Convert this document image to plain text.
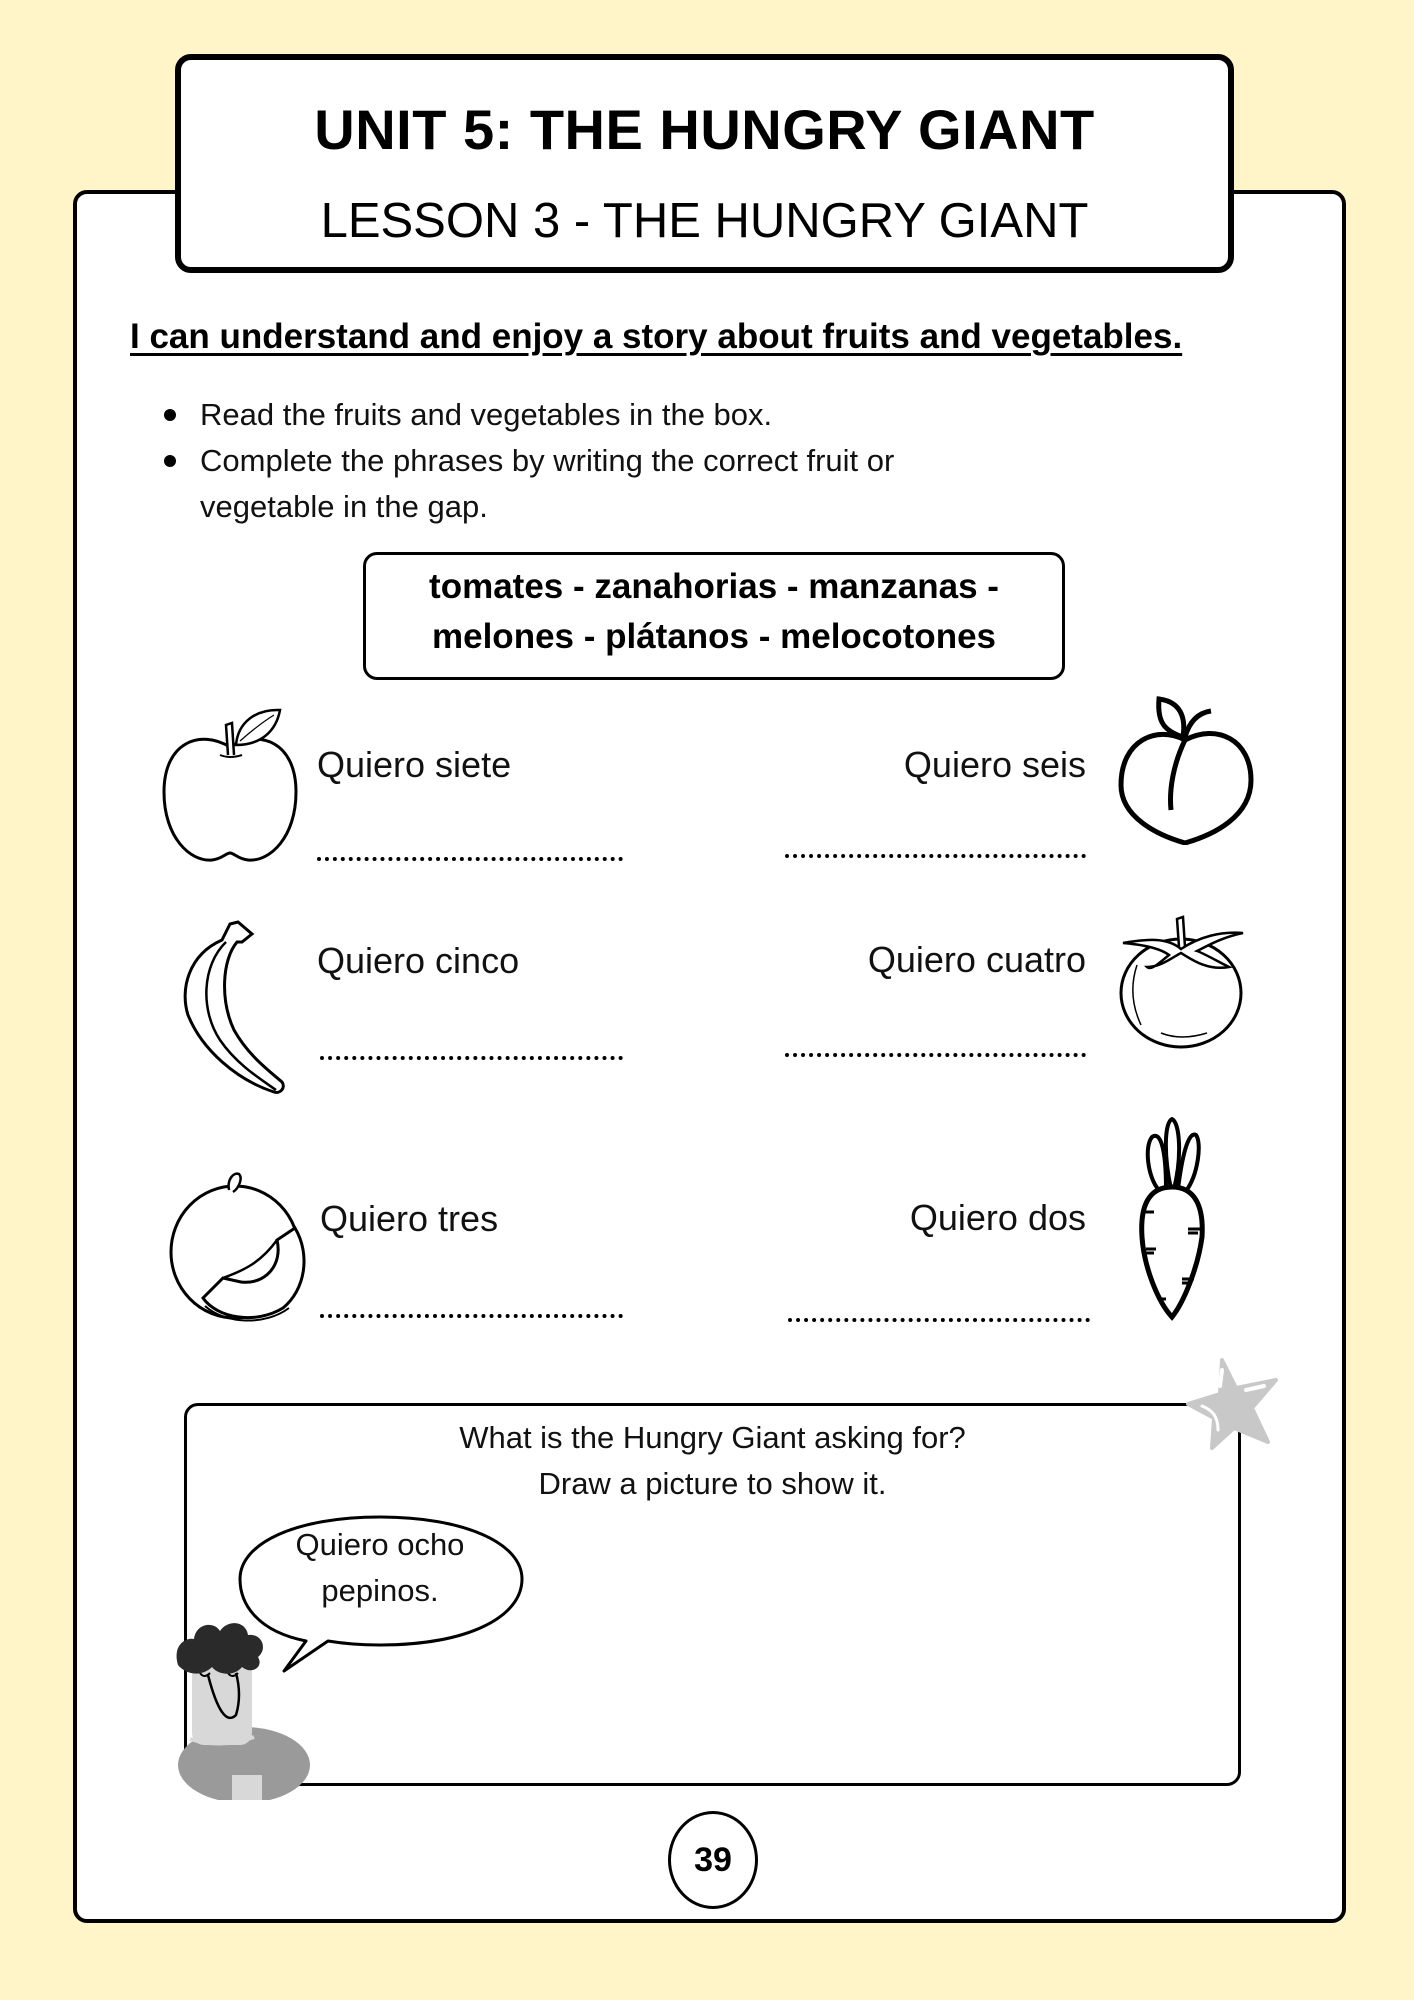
UNIT 5: THE HUNGRY GIANT
LESSON 3 - THE HUNGRY GIANT
I can understand and enjoy a story about fruits and vegetables.
Read the fruits and vegetables in the box.
Complete the phrases by writing the correct fruit or vegetable in the gap.
tomates - zanahorias - manzanas -
melones - plátanos - melocotones
Quiero siete	Quiero seis
Quiero cinco	Quiero cuatro
Quiero tres	Quiero dos
What is the Hungry Giant asking for?
Draw a picture to show it.
Quiero ocho
pepinos.
39
